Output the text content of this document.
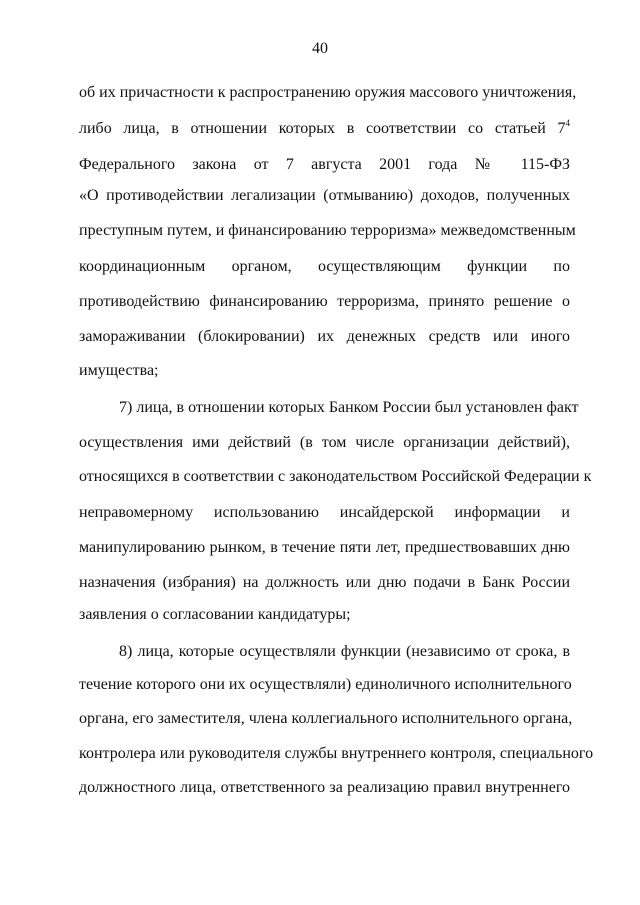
40
об их причастности к распространению оружия массового уничтожения,
либо лица, в отношении которых в соответствии со статьей $7^4$
Федерального закона от 7 августа 2001 года № 115-ФЗ
«О противодействии легализации (отмыванию) доходов, полученных
преступным путем, и финансированию терроризма» межведомственным
координационным органом, осуществляющим функции по
противодействию финансированию терроризма, принято решение о
замораживании (блокировании) их денежных средств или иного
имущества;
7) лица, в отношении которых Банком России был установлен факт
осуществления ими действий (в том числе организации действий),
относящихся в соответствии с законодательством Российской Федерации к
неправомерному использованию инсайдерской информации и
манипулированию рынком, в течение пяти лет, предшествовавших дню
назначения (избрания) на должность или дню подачи в Банк России
заявления о согласовании кандидатуры;
8) лица, которые осуществляли функции (независимо от срока, в
течение которого они их осуществляли) единоличного исполнительного
органа, его заместителя, члена коллегиального исполнительного органа,
контролера или руководителя службы внутреннего контроля, специального
должностного лица, ответственного за реализацию правил внутреннего
